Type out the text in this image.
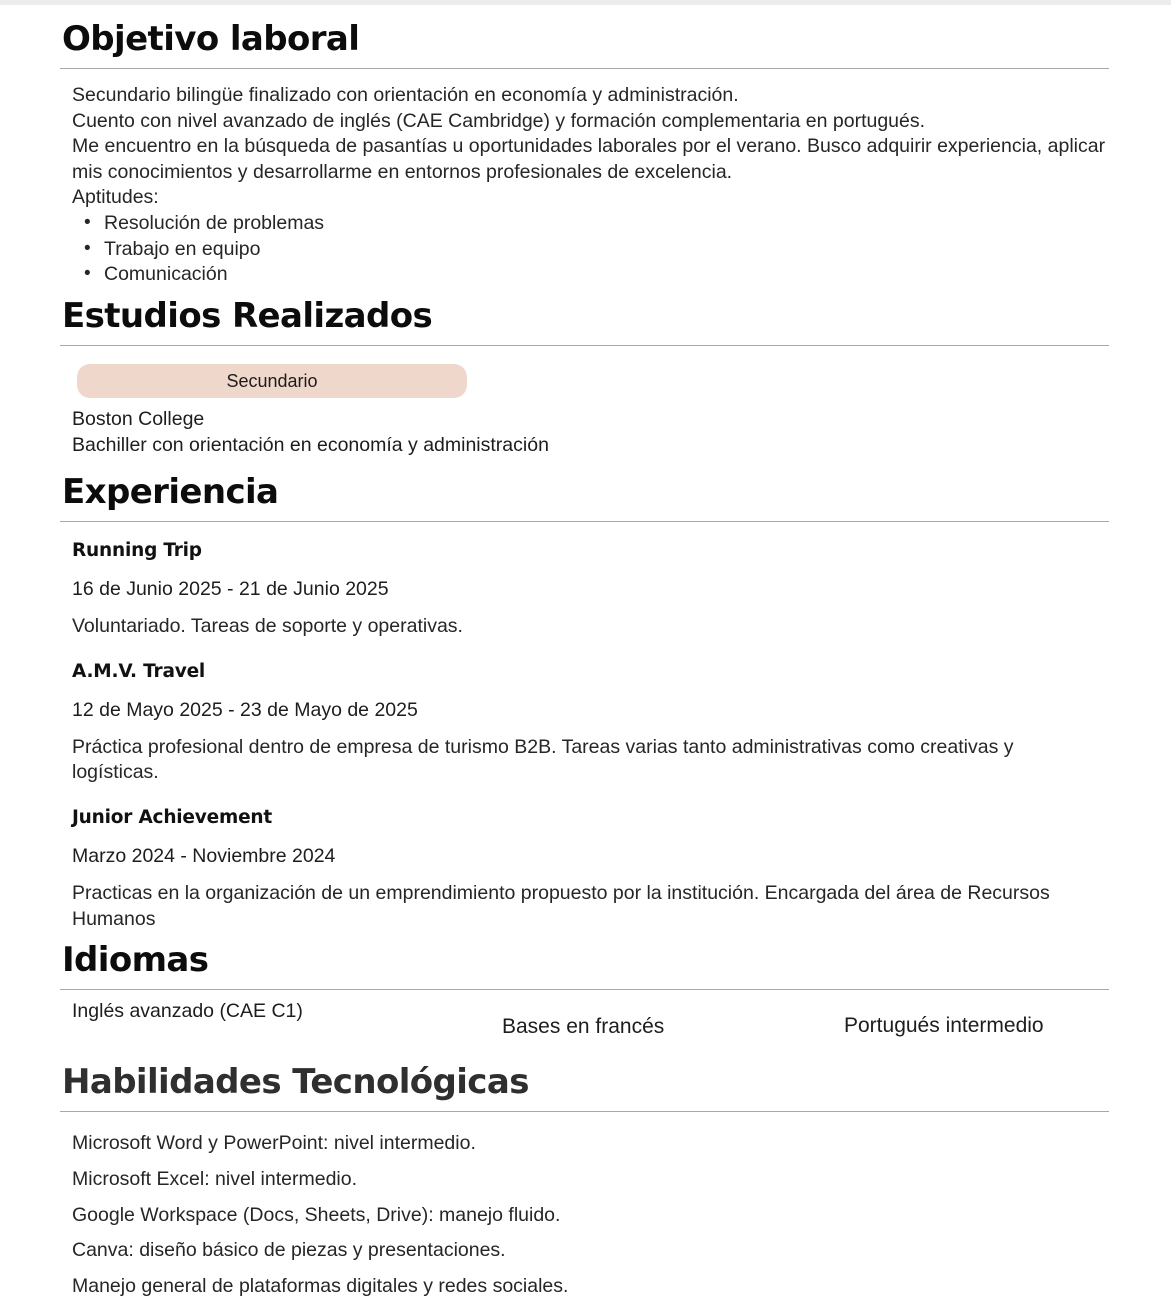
Objetivo laboral

Secundario bilingüe finalizado con orientación en economía y administración.

Cuento con nivel avanzado de inglés (CAE Cambridge) y formación complementaria en portugués.

Me encuentro en la búsqueda de pasantías u oportunidades laborales por el verano. Busco adquirir experiencia, aplicar mis conocimientos y desarrollarme en entornos profesionales de excelencia.

Aptitudes:

• Resolución de problemas
• Trabajo en equipo
• Comunicación
Estudios Realizados
Secundario
Boston College
Bachiller con orientación en economía y administración
Experiencia

Running Trip

16 de Junio 2025 - 21 de Junio 2025

Voluntariado. Tareas de soporte y operativas.

A.M.V. Travel

12 de Mayo 2025 - 23 de Mayo de 2025

Práctica profesional dentro de empresa de turismo B2B. Tareas varias tanto administrativas como creativas y logísticas.

Junior Achievement

Marzo 2024 - Noviembre 2024

Practicas en la organización de un emprendimiento propuesto por la institución. Encargada del área de Recursos Humanos

Idiomas
Inglés avanzado (CAE C1)
Bases en francés	Portugués intermedio
Habilidades Tecnológicas
Microsoft Word y PowerPoint: nivel intermedio.
Microsoft Excel: nivel intermedio.
Google Workspace (Docs, Sheets, Drive): manejo fluido.
Canva: diseño básico de piezas y presentaciones.
Manejo general de plataformas digitales y redes sociales.
